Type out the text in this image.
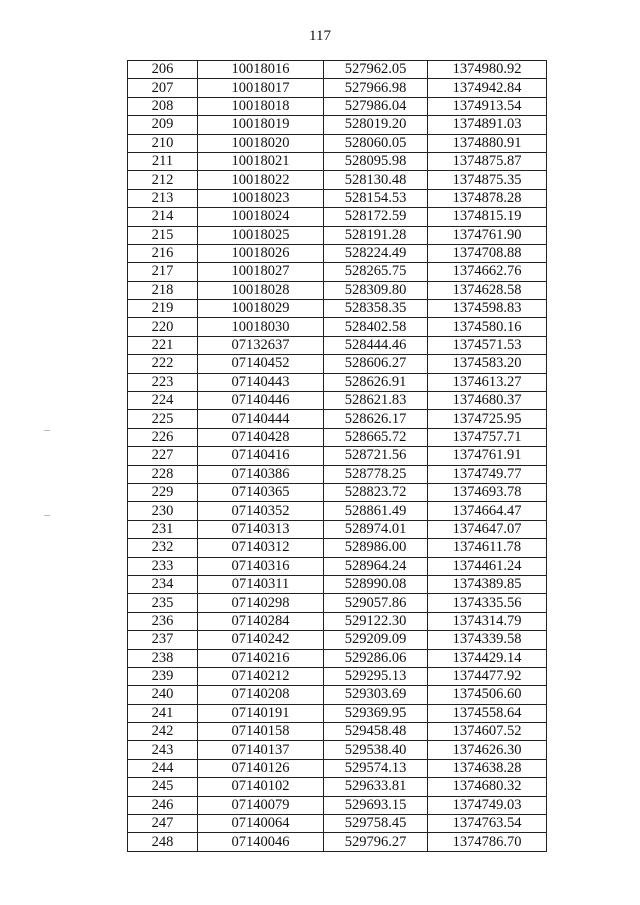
117
206	10018016	527962.05	1374980.92
207	10018017	527966.98	1374942.84
208	10018018	527986.04	1374913.54
209	10018019	528019.20	1374891.03
210	10018020	528060.05	1374880.91
211	10018021	528095.98	1374875.87
212	10018022	528130.48	1374875.35
213	10018023	528154.53	1374878.28
214	10018024	528172.59	1374815.19
215	10018025	528191.28	1374761.90
216	10018026	528224.49	1374708.88
217	10018027	528265.75	1374662.76
218	10018028	528309.80	1374628.58
219	10018029	528358.35	1374598.83
220	10018030	528402.58	1374580.16
221	07132637	528444.46	1374571.53
222	07140452	528606.27	1374583.20
223	07140443	528626.91	1374613.27
224	07140446	528621.83	1374680.37
225	07140444	528626.17	1374725.95
226	07140428	528665.72	1374757.71
227	07140416	528721.56	1374761.91
228	07140386	528778.25	1374749.77
229	07140365	528823.72	1374693.78
230	07140352	528861.49	1374664.47
231	07140313	528974.01	1374647.07
232	07140312	528986.00	1374611.78
233	07140316	528964.24	1374461.24
234	07140311	528990.08	1374389.85
235	07140298	529057.86	1374335.56
236	07140284	529122.30	1374314.79
237	07140242	529209.09	1374339.58
238	07140216	529286.06	1374429.14
239	07140212	529295.13	1374477.92
240	07140208	529303.69	1374506.60
241	07140191	529369.95	1374558.64
242	07140158	529458.48	1374607.52
243	07140137	529538.40	1374626.30
244	07140126	529574.13	1374638.28
245	07140102	529633.81	1374680.32
246	07140079	529693.15	1374749.03
247	07140064	529758.45	1374763.54
248	07140046	529796.27	1374786.70
